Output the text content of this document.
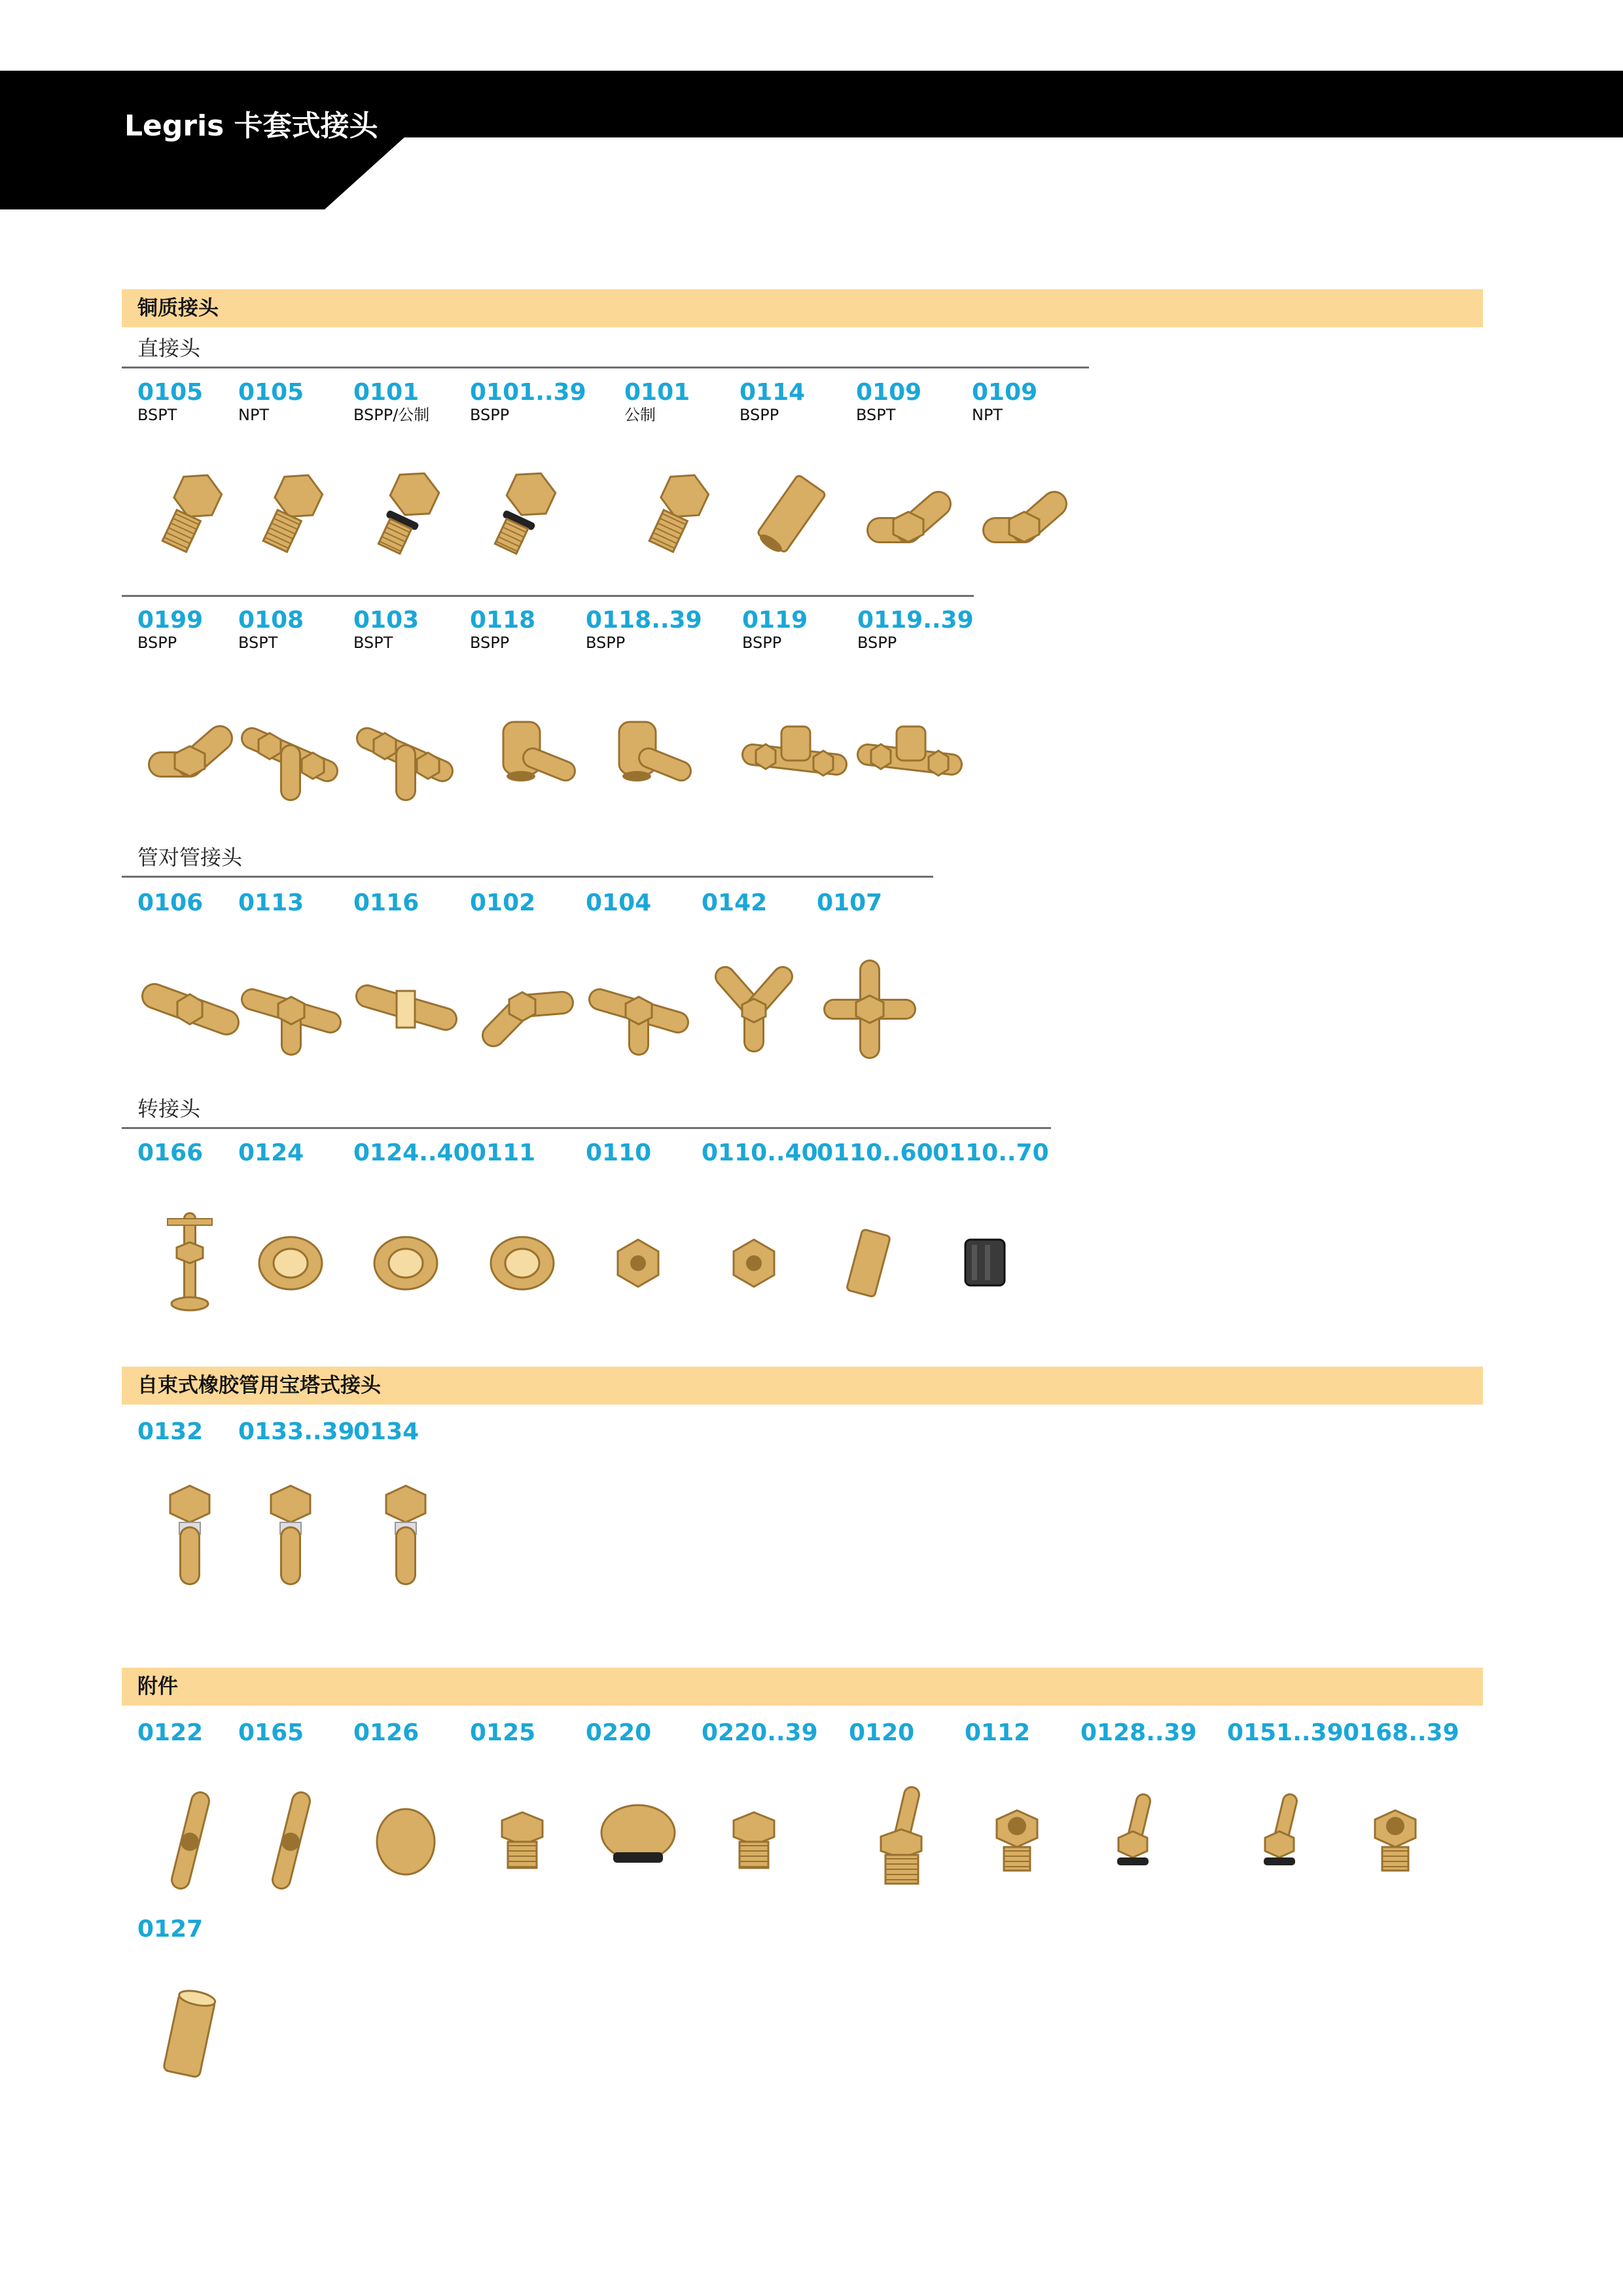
Legris 卡套式接头
铜质接头
自束式橡胶管用宝塔式接头
附件
直接头
管对管接头
转接头
0105
BSPT
0105
NPT
0101
BSPP/公制
0101..39
BSPP
0101
公制
0114
BSPP
0109
BSPT
0109
NPT
0199
BSPP
0108
BSPT
0103
BSPT
0118
BSPP
0118..39
BSPP
0119
BSPP
0119..39
BSPP
0106 0113 0116 0102 0104 0142 0107
0166 0124 0124..40 0111 0110 0110..40
0110..60 0110..70
0132 0133..39
0134
0122 0165 0126 0125 0220 0220..39 0120 0112 0128..39 0151..39 0168..39
0127
